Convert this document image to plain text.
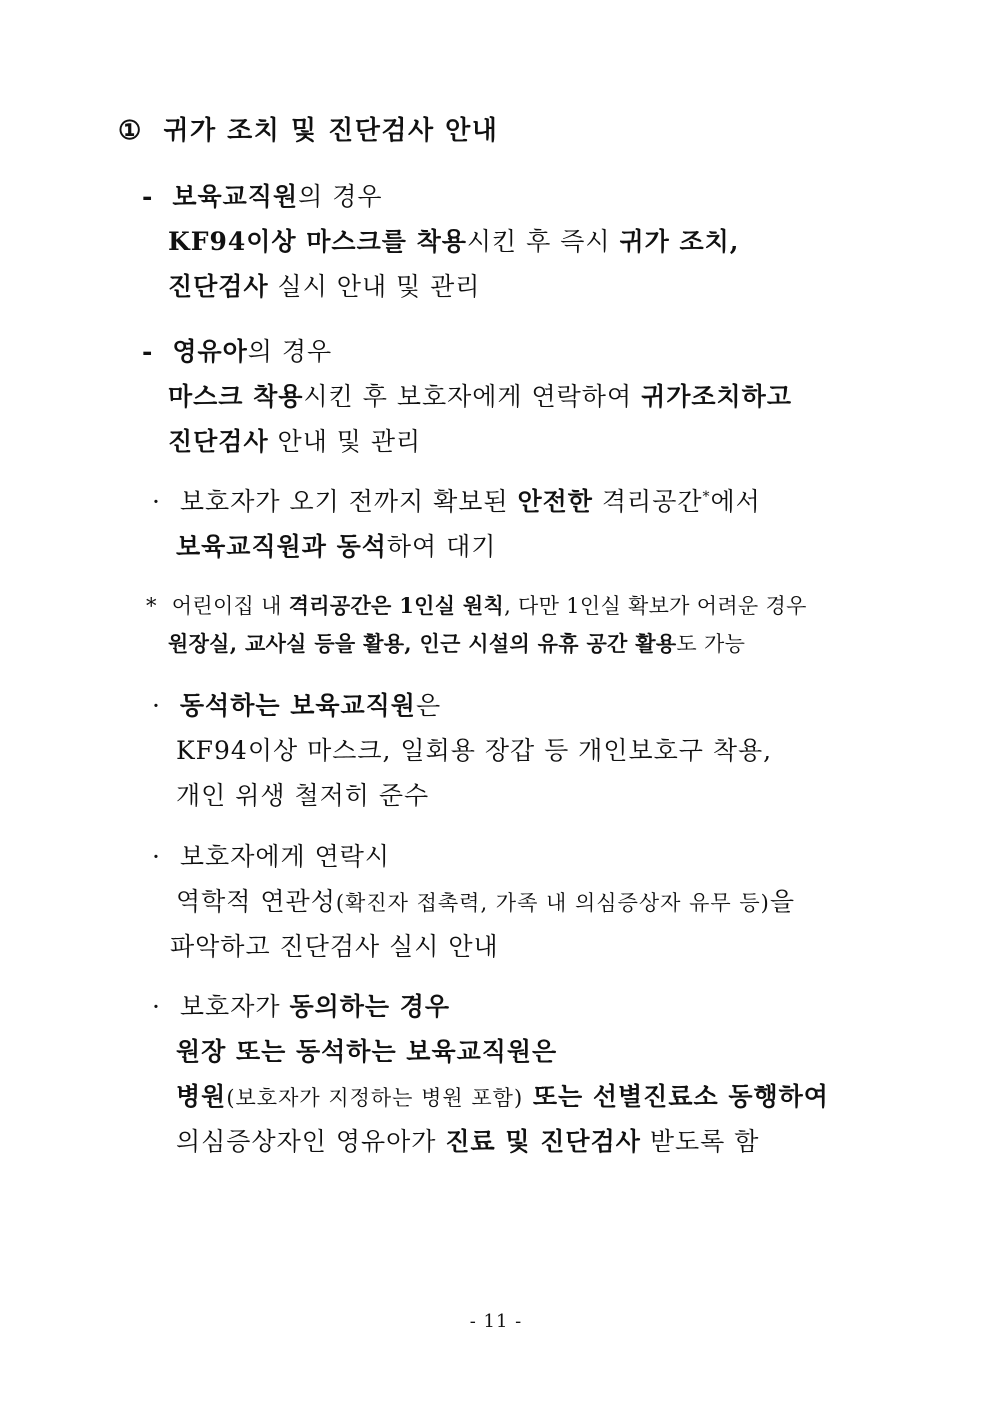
① 귀가 조치 및 진단검사 안내
- 보육교직원의 경우
KF94이상 마스크를 착용시킨 후 즉시 귀가 조치,
진단검사 실시 안내 및 관리
- 영유아의 경우
마스크 착용시킨 후 보호자에게 연락하여 귀가조치하고
진단검사 안내 및 관리
· 보호자가 오기 전까지 확보된 안전한 격리공간*에서
보육교직원과 동석하여 대기
* 어린이집 내 격리공간은 1인실 원칙, 다만 1인실 확보가 어려운 경우
원장실, 교사실 등을 활용, 인근 시설의 유휴 공간 활용도 가능
· 동석하는 보육교직원은
KF94이상 마스크, 일회용 장갑 등 개인보호구 착용,
개인 위생 철저히 준수
· 보호자에게 연락시
역학적 연관성(확진자 접촉력, 가족 내 의심증상자 유무 등)을
파악하고 진단검사 실시 안내
· 보호자가 동의하는 경우
원장 또는 동석하는 보육교직원은
병원(보호자가 지정하는 병원 포함) 또는 선별진료소 동행하여
의심증상자인 영유아가 진료 및 진단검사 받도록 함
- 11 -
